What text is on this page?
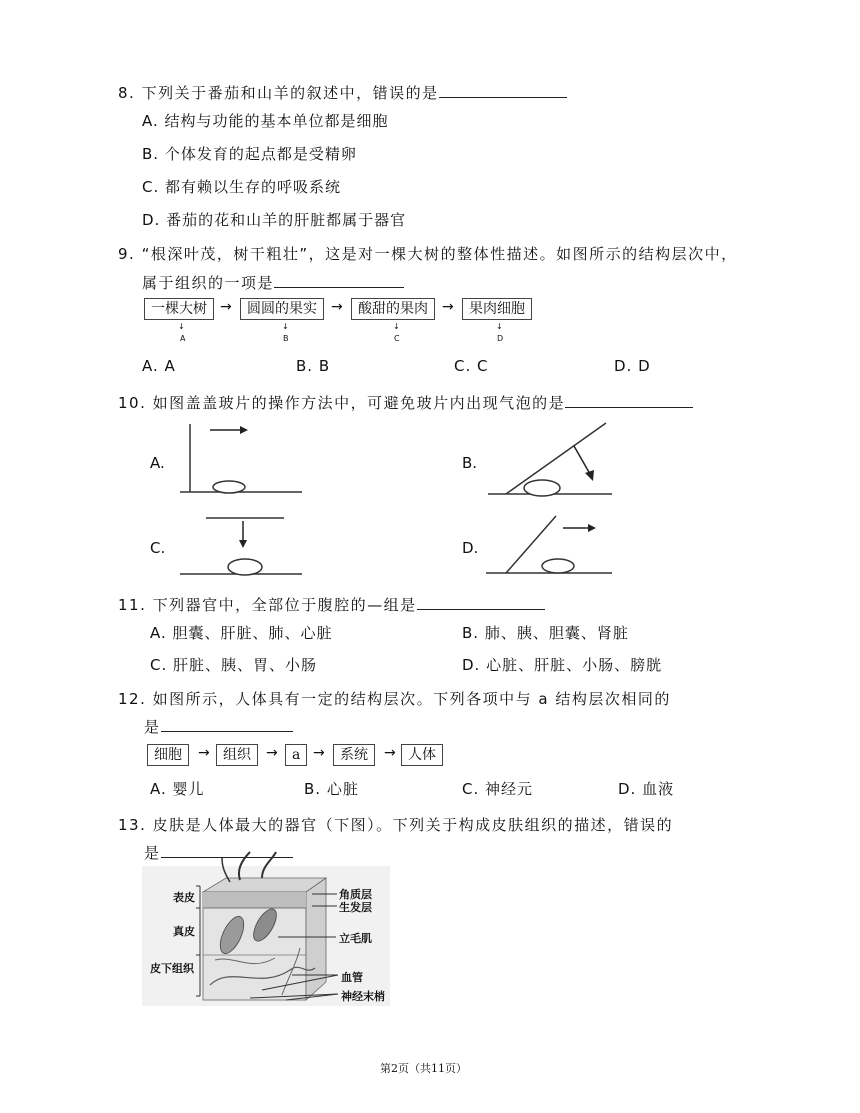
8. 下列关于番茄和山羊的叙述中，错误的是
A. 结构与功能的基本单位都是细胞
B. 个体发育的起点都是受精卵
C. 都有赖以生存的呼吸系统
D. 番茄的花和山羊的肝脏都属于器官
9. “根深叶茂，树干粗壮”，这是对一棵大树的整体性描述。如图所示的结构层次中，
属于组织的一项是
一棵大树 →	圆圆的果实	→	酸甜的果肉	→	果肉细胞
↓
A
↓
B
↓
C
↓
D
A. A	B. B	C. C	D. D
10. 如图盖盖玻片的操作方法中，可避免玻片内出现气泡的是
A.	B.
C.	D.
11. 下列器官中，全部位于腹腔的—组是
A. 胆囊、肝脏、肺、心脏	B. 肺、胰、胆囊、肾脏
C. 肝脏、胰、胃、小肠	D. 心脏、肝脏、小肠、膀胱
12. 如图所示，人体具有一定的结构层次。下列各项中与 a 结构层次相同的
是
细胞	→ 组织	→	a →	系统	→ 人体
A. 婴儿	B. 心脏	C. 神经元	D. 血液
13. 皮肤是人体最大的器官（下图）。下列关于构成皮肤组织的描述，错误的
是
表皮
真皮
皮下组织
角质层
生发层
立毛肌
血管
神经末梢
第2页（共11页）
